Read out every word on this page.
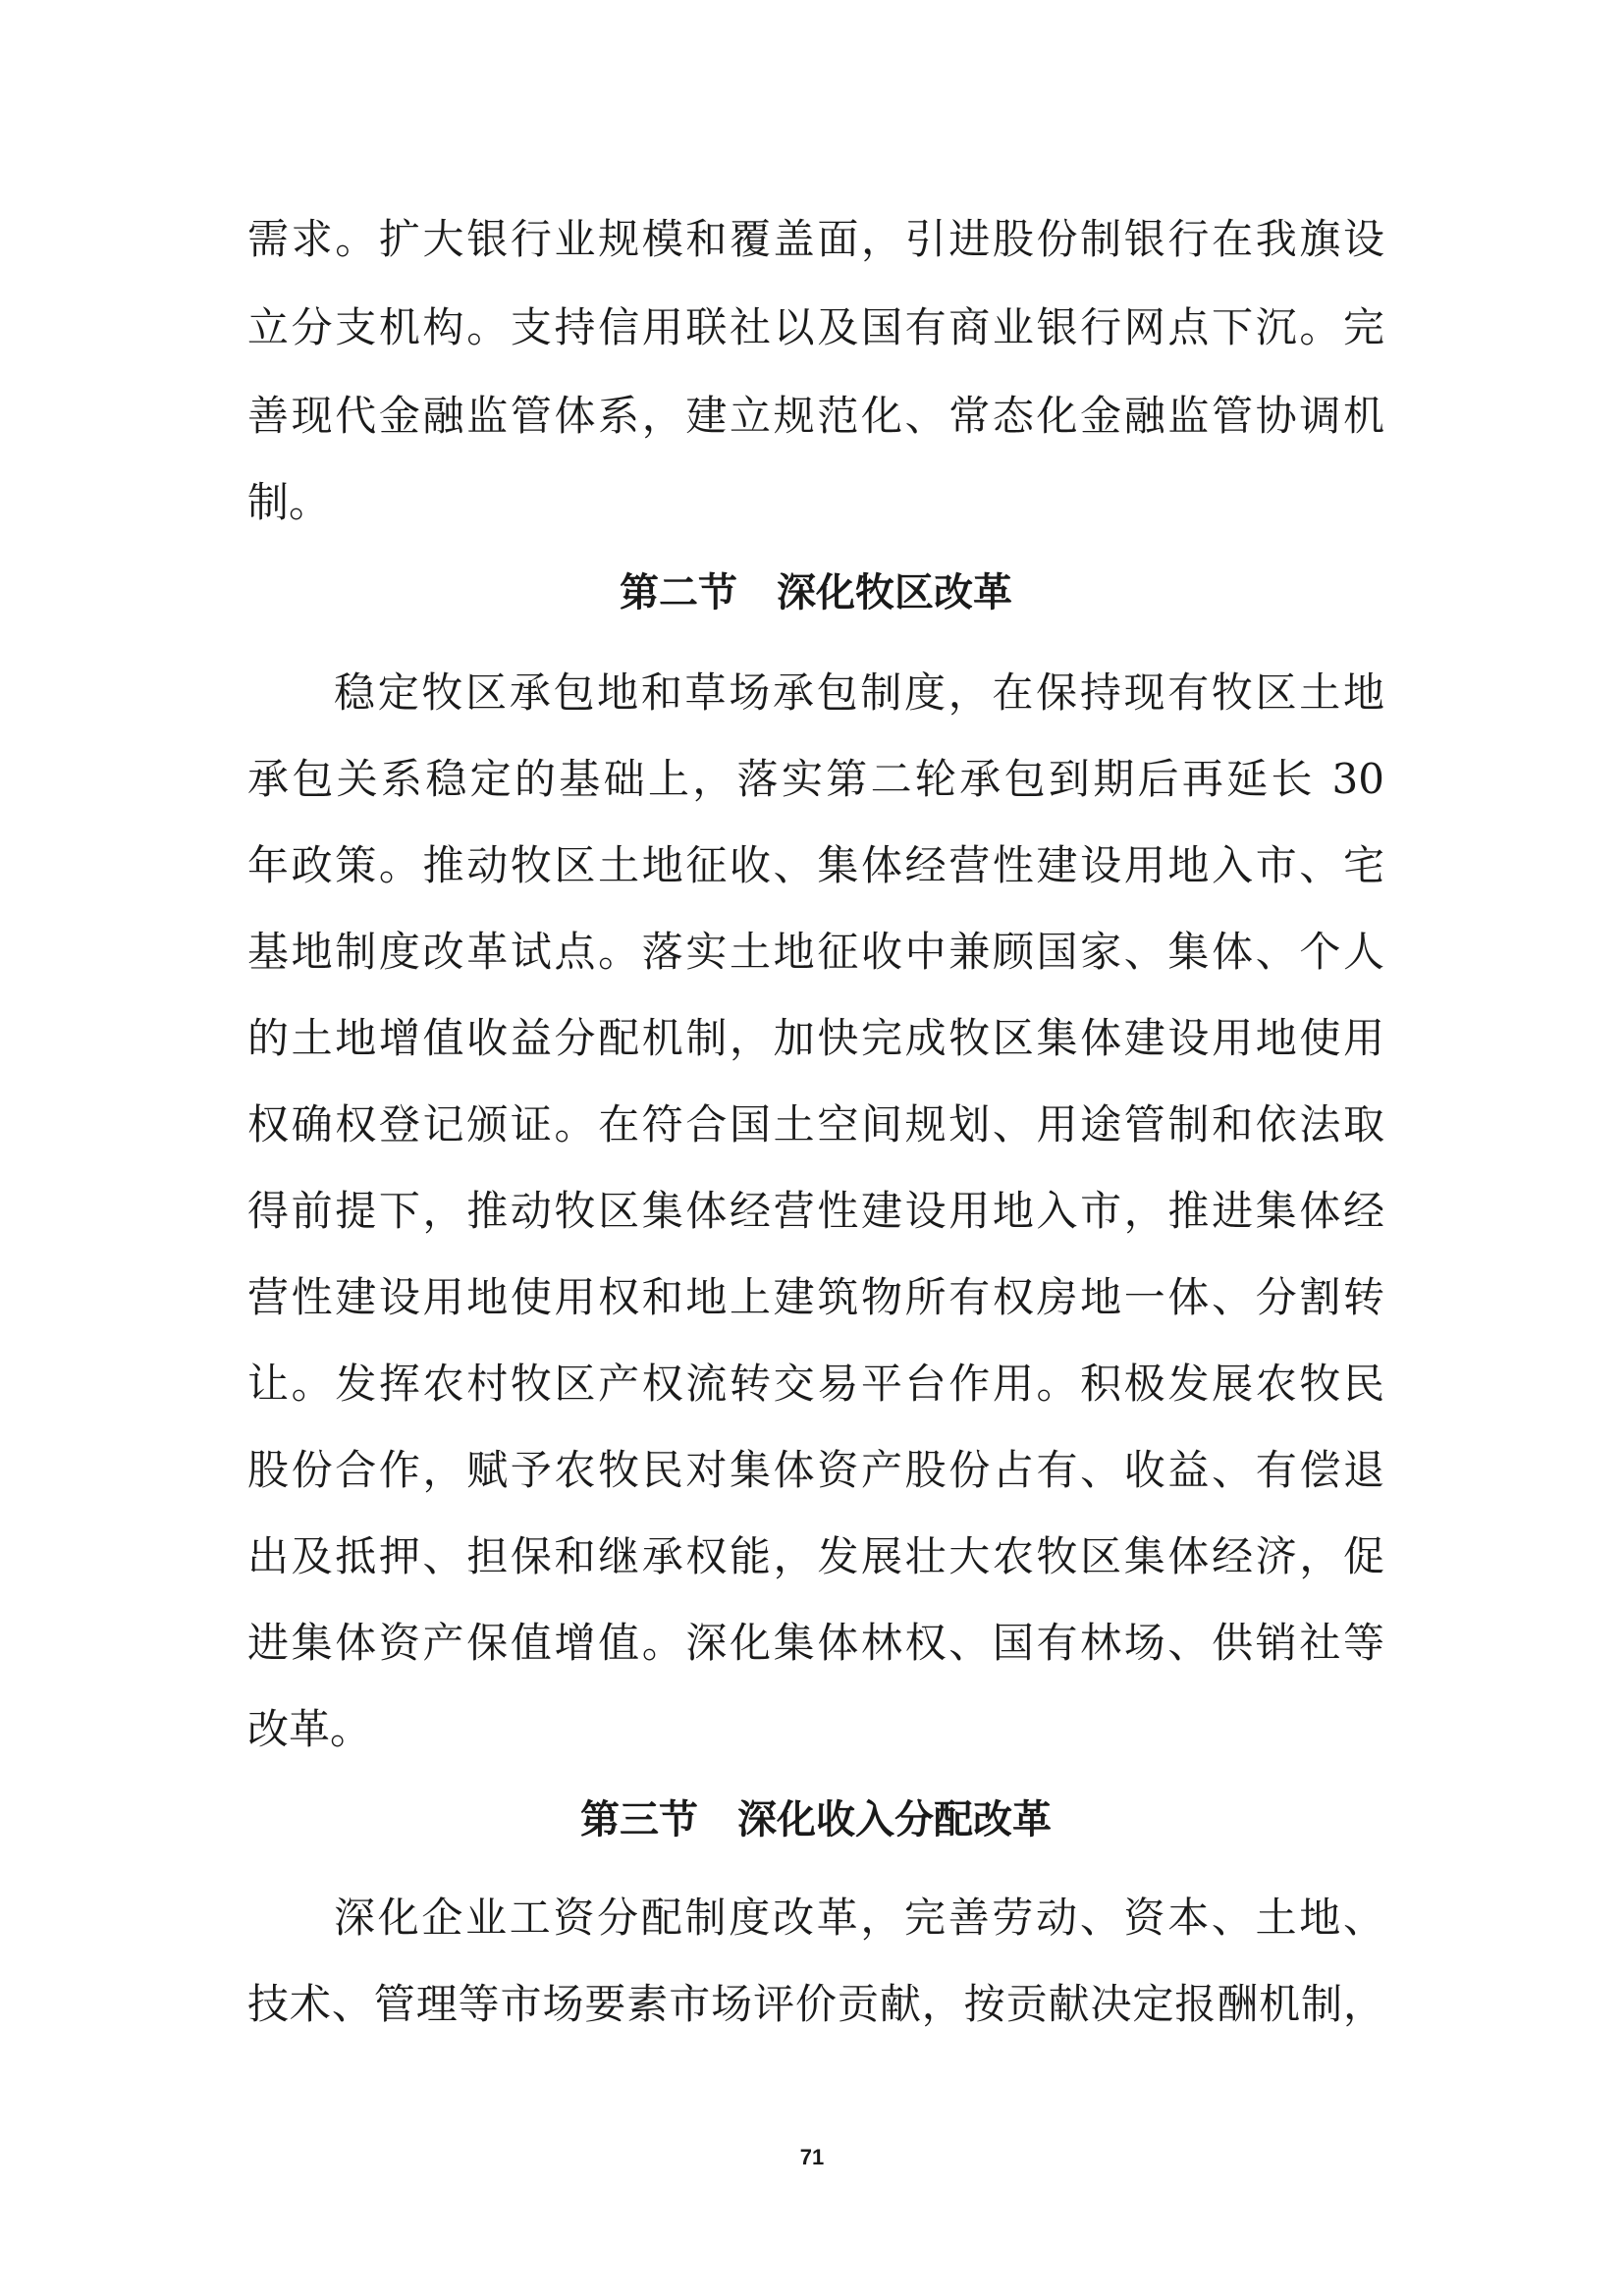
需求。扩大银行业规模和覆盖面，引进股份制银行在我旗设
立分支机构。支持信用联社以及国有商业银行网点下沉。完
善现代金融监管体系，建立规范化、常态化金融监管协调机
制。
第二节　深化牧区改革
稳定牧区承包地和草场承包制度，在保持现有牧区土地
承包关系稳定的基础上，落实第二轮承包到期后再延长 30
年政策。推动牧区土地征收、集体经营性建设用地入市、宅
基地制度改革试点。落实土地征收中兼顾国家、集体、个人
的土地增值收益分配机制，加快完成牧区集体建设用地使用
权确权登记颁证。在符合国土空间规划、用途管制和依法取
得前提下，推动牧区集体经营性建设用地入市，推进集体经
营性建设用地使用权和地上建筑物所有权房地一体、分割转
让。发挥农村牧区产权流转交易平台作用。积极发展农牧民
股份合作，赋予农牧民对集体资产股份占有、收益、有偿退
出及抵押、担保和继承权能，发展壮大农牧区集体经济，促
进集体资产保值增值。深化集体林权、国有林场、供销社等
改革。
第三节　深化收入分配改革
深化企业工资分配制度改革，完善劳动、资本、土地、
技术、管理等市场要素市场评价贡献，按贡献决定报酬机制，
71
